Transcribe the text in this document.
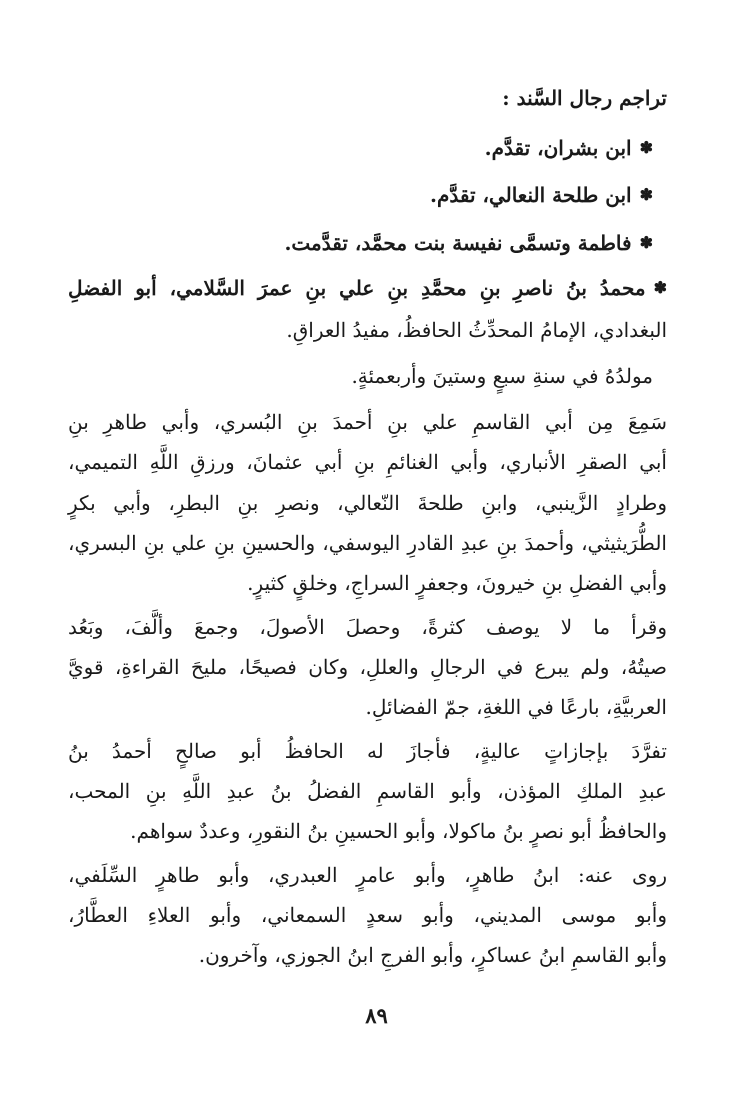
تراجم رجال السَّند :
✽ابن بشران، تقدَّم.
✽ابن طلحة النعالي، تقدَّم.
✽فاطمة وتسمَّى نفيسة بنت محمَّد، تقدَّمت.
✽محمدُ بنُ ناصرِ بنِ محمَّدِ بنِ علي بنِ عمرَ السَّلامي، أبو الفضلِ
البغدادي، الإمامُ المحدِّثُ الحافظُ، مفيدُ العراقِ.
مولدُهُ في سنةِ سبعٍ وستينَ وأربعمئةٍ.
سَمِعَ مِن أبي القاسمِ علي بنِ أحمدَ بنِ البُسري، وأبي طاهرِ بنِ
أبي الصقرِ الأنباري، وأبي الغنائمِ بنِ أبي عثمانَ، ورزقِ اللَّهِ التميمي،
وطرادٍ الزَّينبي، وابنِ طلحةَ النّعالي، ونصرِ بنِ البطرِ، وأبي بكرٍ
الطُّرَيثيثي، وأحمدَ بنِ عبدِ القادرِ اليوسفي، والحسينِ بنِ علي بنِ البسري،
وأبي الفضلِ بنِ خيرونَ، وجعفرٍ السراجِ، وخلقٍ كثيرٍ.
وقرأ ما لا يوصف كثرةً، وحصلَ الأصولَ، وجمعَ وألَّفَ، وبَعُد
صيتُهُ، ولم يبرع في الرجالِ والعللِ، وكان فصيحًا، مليحَ القراءةِ، قويَّ
العربيَّةِ، بارعًا في اللغةِ، جمّ الفضائلِ.
تفرَّدَ بإجازاتٍ عاليةٍ، فأجازَ له الحافظُ أبو صالحٍ أحمدُ بنُ
عبدِ الملكِ المؤذن، وأبو القاسمِ الفضلُ بنُ عبدِ اللَّهِ بنِ المحب،
والحافظُ أبو نصرٍ بنُ ماكولا، وأبو الحسينِ بنُ النقورِ، وعددٌ سواهم.
روى عنه: ابنُ طاهرٍ، وأبو عامرٍ العبدري، وأبو طاهرٍ السِّلَفي،
وأبو موسى المديني، وأبو سعدٍ السمعاني، وأبو العلاءِ العطَّارُ،
وأبو القاسمِ ابنُ عساكرٍ، وأبو الفرجِ ابنُ الجوزي، وآخرون.
٨٩
